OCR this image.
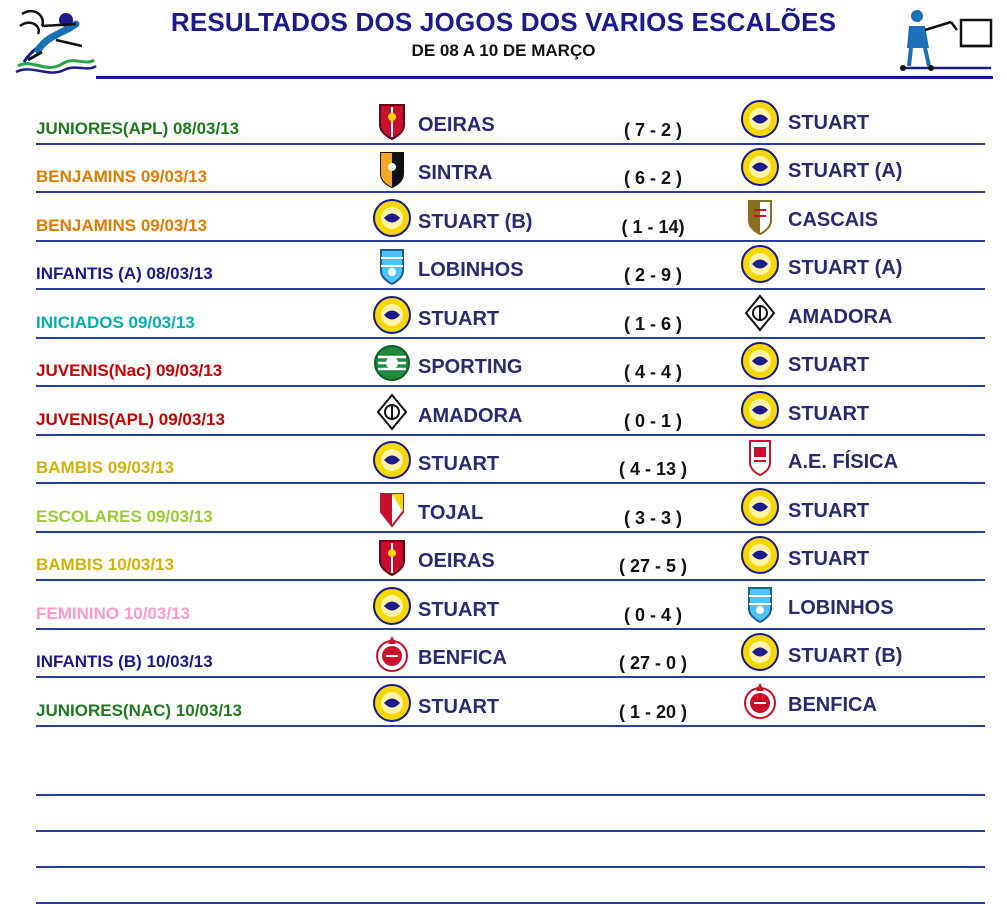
RESULTADOS DOS JOGOS DOS VARIOS ESCALÕES
DE 08 A 10 DE MARÇO
JUNIORES(APL) 08/03/13	OEIRAS	( 7 - 2 )	STUART
BENJAMINS 09/03/13	SINTRA	( 6 - 2 )	STUART (A)
BENJAMINS 09/03/13	STUART (B)	( 1 - 14)	CASCAIS
INFANTIS (A) 08/03/13	LOBINHOS	( 2 - 9 )	STUART (A)
INICIADOS 09/03/13	STUART	( 1 - 6 )	AMADORA
JUVENIS(Nac) 09/03/13	SPORTING	( 4 - 4 )	STUART
JUVENIS(APL) 09/03/13	AMADORA	( 0 - 1 )	STUART
BAMBIS 09/03/13	STUART	( 4 - 13 )	A.E. FÍSICA
ESCOLARES 09/03/13	TOJAL	( 3 - 3 )	STUART
BAMBIS 10/03/13	OEIRAS	( 27 - 5 )	STUART
FEMININO 10/03/13	STUART	( 0 - 4 )	LOBINHOS
INFANTIS (B) 10/03/13	BENFICA	( 27 - 0 )	STUART (B)
JUNIORES(NAC) 10/03/13	STUART	( 1 - 20 )	BENFICA
